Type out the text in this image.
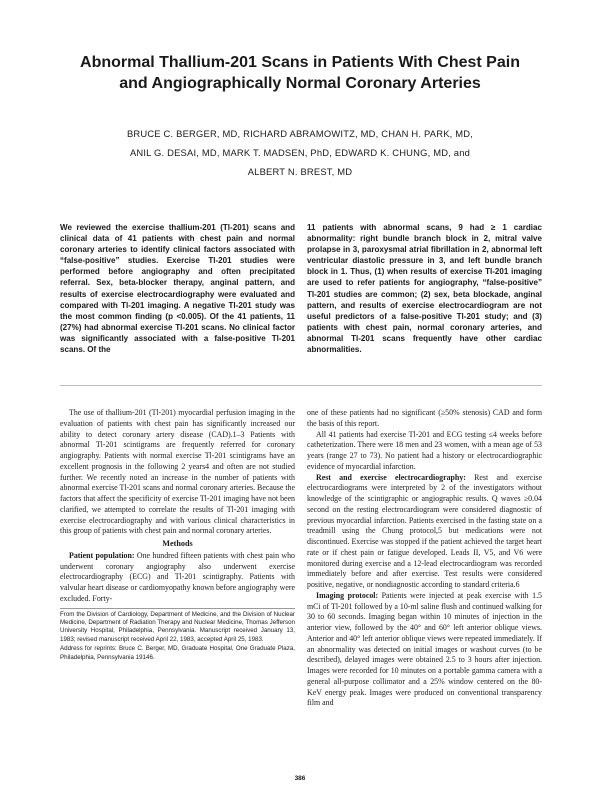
Abnormal Thallium-201 Scans in Patients With Chest Pain
and Angiographically Normal Coronary Arteries
BRUCE C. BERGER, MD, RICHARD ABRAMOWITZ, MD, CHAN H. PARK, MD,
ANIL G. DESAI, MD, MARK T. MADSEN, PhD, EDWARD K. CHUNG, MD, and
ALBERT N. BREST, MD
We reviewed the exercise thallium-201 (Tl-201) scans and clinical data of 41 patients with chest pain and normal coronary arteries to identify clinical factors associated with “false-positive” studies. Exercise Tl-201 studies were performed before angiography and often precipitated referral. Sex, beta-blocker therapy, anginal pattern, and results of exercise electrocardiography were evaluated and compared with Tl-201 imaging. A negative Tl-201 study was the most common finding (p <0.005). Of the 41 patients, 11 (27%) had abnormal exercise Tl-201 scans. No clinical factor was significantly associated with a false-positive Tl-201 scans. Of the
11 patients with abnormal scans, 9 had ≥ 1 cardiac abnormality: right bundle branch block in 2, mitral valve prolapse in 3, paroxysmal atrial fibrillation in 2, abnormal left ventricular diastolic pressure in 3, and left bundle branch block in 1. Thus, (1) when results of exercise Tl-201 imaging are used to refer patients for angiography, “false-positive” Tl-201 studies are common; (2) sex, beta blockade, anginal pattern, and results of exercise electrocardiogram are not useful predictors of a false-positive Tl-201 study; and (3) patients with chest pain, normal coronary arteries, and abnormal Tl-201 scans frequently have other cardiac abnormalities.

The use of thallium-201 (Tl-201) myocardial perfusion imaging in the evaluation of patients with chest pain has significantly increased our ability to detect coronary artery disease (CAD).1–3 Patients with abnormal Tl-201 scintigrams are frequently referred for coronary angiography. Patients with normal exercise Tl-201 scintigrams have an excellent prognosis in the following 2 years4 and often are not studied further. We recently noted an increase in the number of patients with abnormal exercise Tl-201 scans and normal coronary arteries. Because the factors that affect the specificity of exercise Tl-201 imaging have not been clarified, we attempted to correlate the results of Tl-201 imaging with exercise electrocardiography and with various clinical characteristics in this group of patients with chest pain and normal coronary arteries.

Methods

Patient population: One hundred fifteen patients with chest pain who underwent coronary angiography also underwent exercise electrocardiography (ECG) and Tl-201 scintigraphy. Patients with valvular heart disease or cardiomyopathy known before angiography were excluded. Forty-

From the Division of Cardiology, Department of Medicine, and the Division of Nuclear Medicine, Department of Radiation Therapy and Nuclear Medicine, Thomas Jefferson University Hospital, Philadelphia, Pennsylvania. Manuscript received January 13, 1983; revised manuscript received April 22, 1983, accepted April 25, 1983.

Address for reprints: Bruce C. Berger, MD, Graduate Hospital, One Graduate Plaza, Philadelphia, Pennsylvania 19146.

one of these patients had no significant (≥50% stenosis) CAD and form the basis of this report.

All 41 patients had exercise Tl-201 and ECG testing ≤4 weeks before catheterization. There were 18 men and 23 women, with a mean age of 53 years (range 27 to 73). No patient had a history or electrocardiographic evidence of myocardial infarction.

Rest and exercise electrocardiography: Rest and exercise electrocardiograms were interpreted by 2 of the investigators without knowledge of the scintigraphic or angiographic results. Q waves ≥0.04 second on the resting electrocardiogram were considered diagnostic of previous myocardial infarction. Patients exercised in the fasting state on a treadmill using the Chung protocol,5 but medications were not discontinued. Exercise was stopped if the patient achieved the target heart rate or if chest pain or fatigue developed. Leads II, V5, and V6 were monitored during exercise and a 12-lead electrocardiogram was recorded immediately before and after exercise. Test results were considered positive, negative, or nondiagnostic according to standard criteria.6

Imaging protocol: Patients were injected at peak exercise with 1.5 mCi of Tl-201 followed by a 10-ml saline flush and continued walking for 30 to 60 seconds. Imaging began within 10 minutes of injection in the anterior view, followed by the 40° and 60° left anterior oblique views. Anterior and 40° left anterior oblique views were repeated immediately. If an abnormality was detected on initial images or washout curves (to be described), delayed images were obtained 2.5 to 3 hours after injection. Images were recorded for 10 minutes on a portable gamma camera with a general all-purpose collimator and a 25% window centered on the 80-KeV energy peak. Images were produced on conventional transparency film and

386
